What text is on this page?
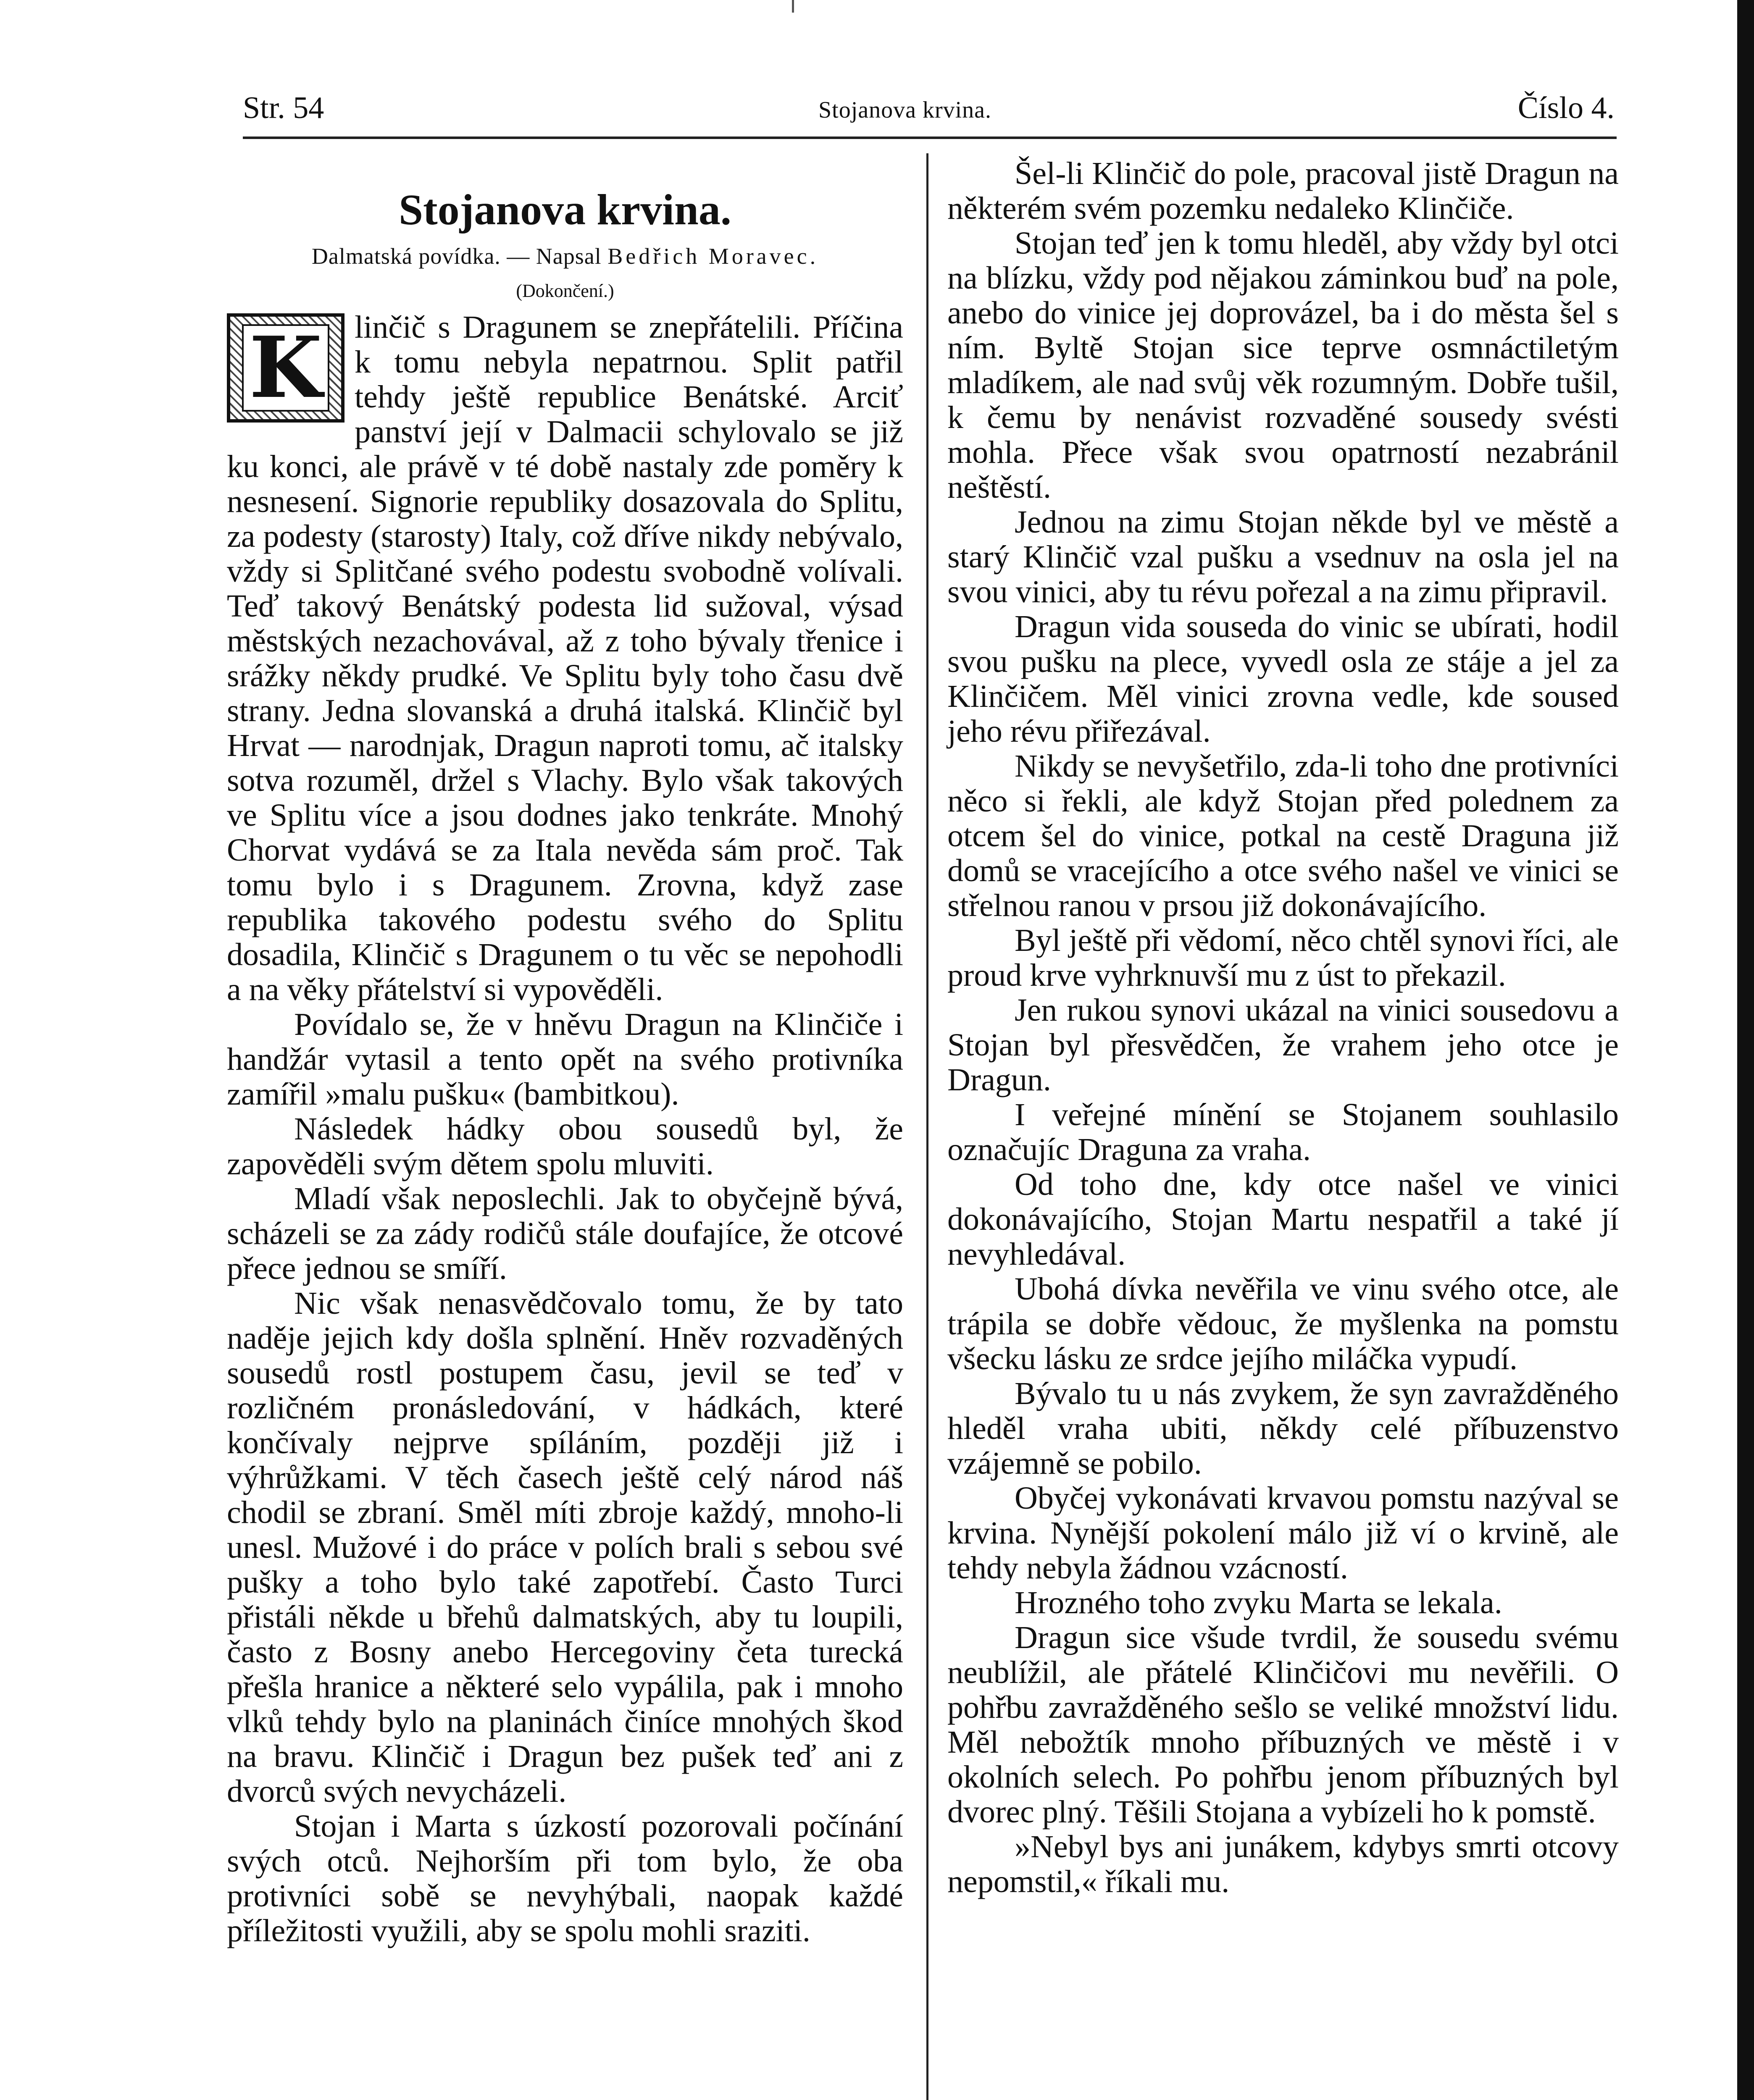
Str. 54	Stojanova krvina.	Číslo 4.
Stojanova krvina.

Dalmatská povídka. — Napsal Bedřich Moravec.

(Dokončení.)

K	linčič s Dragunem se znepřátelili. Příčina k tomu nebyla nepatrnou. Split patřil tehdy ještě republice Benátské. Arciť panství její v Dalmacii schylovalo se již ku konci, ale právě v té době nastaly zde poměry k nesnesení. Signorie republiky dosazovala do Splitu, za podesty (starosty) Italy, což dříve nikdy nebývalo, vždy si Splitčané svého podestu svobodně volívali. Teď takový Benátský podesta lid sužoval, výsad městských nezachovával, až z toho bývaly třenice i srážky někdy prudké. Ve Splitu byly toho času dvě strany. Jedna slovanská a druhá italská. Klinčič byl Hrvat — narodnjak, Dragun naproti tomu, ač italsky sotva rozuměl, držel s Vlachy. Bylo však takových ve Splitu více a jsou dodnes jako tenkráte. Mnohý Chorvat vydává se za Itala nevěda sám proč. Tak tomu bylo i s Dragunem. Zrovna, když zase republika takového podestu svého do Splitu dosadila, Klinčič s Dragunem o tu věc se nepohodli a na věky přátelství si vypověděli.

Povídalo se, že v hněvu Dragun na Klinčiče i handžár vytasil a tento opět na svého protivníka zamířil »malu pušku« (bambitkou).

Následek hádky obou sousedů byl, že zapověděli svým dětem spolu mluviti.

Mladí však neposlechli. Jak to obyčejně bývá, scházeli se za zády rodičů stále doufajíce, že otcové přece jednou se smíří.

Nic však nenasvědčovalo tomu, že by tato naděje jejich kdy došla splnění. Hněv rozvaděných sousedů rostl postupem času, jevil se teď v rozličném pronásledování, v hádkách, které končívaly nejprve spíláním, později již i výhrůžkami. V těch časech ještě celý národ náš chodil se zbraní. Směl míti zbroje každý, mnoho-li unesl. Mužové i do práce v polích brali s sebou své pušky a toho bylo také zapotřebí. Často Turci přistáli někde u břehů dalmatských, aby tu loupili, často z Bosny anebo Hercegoviny četa turecká přešla hranice a některé selo vypálila, pak i mnoho vlků tehdy bylo na planinách činíce mnohých škod na bravu. Klinčič i Dragun bez pušek teď ani z dvorců svých nevycházeli.

Stojan i Marta s úzkostí pozorovali počínání svých otců. Nejhorším při tom bylo, že oba protivníci sobě se nevyhýbali, naopak každé příležitosti využili, aby se spolu mohli sraziti.

Šel-li Klinčič do pole, pracoval jistě Dragun na některém svém pozemku nedaleko Klinčiče.

Stojan teď jen k tomu hleděl, aby vždy byl otci na blízku, vždy pod nějakou záminkou buď na pole, anebo do vinice jej doprovázel, ba i do města šel s ním. Byltě Stojan sice teprve osmnáctiletým mladíkem, ale nad svůj věk rozumným. Dobře tušil, k čemu by nenávist rozvaděné sousedy svésti mohla. Přece však svou opatrností nezabránil neštěstí.

Jednou na zimu Stojan někde byl ve městě a starý Klinčič vzal pušku a vsednuv na osla jel na svou vinici, aby tu révu pořezal a na zimu připravil.

Dragun vida souseda do vinic se ubírati, hodil svou pušku na plece, vyvedl osla ze stáje a jel za Klinčičem. Měl vinici zrovna vedle, kde soused jeho révu přiřezával.

Nikdy se nevyšetřilo, zda-li toho dne protivníci něco si řekli, ale když Stojan před polednem za otcem šel do vinice, potkal na cestě Draguna již domů se vracejícího a otce svého našel ve vinici se střelnou ranou v prsou již dokonávajícího.

Byl ještě při vědomí, něco chtěl synovi říci, ale proud krve vyhrknuvší mu z úst to překazil.

Jen rukou synovi ukázal na vinici sousedovu a Stojan byl přesvědčen, že vrahem jeho otce je Dragun.

I veřejné mínění se Stojanem souhlasilo označujíc Draguna za vraha.

Od toho dne, kdy otce našel ve vinici dokonávajícího, Stojan Martu nespatřil a také jí nevyhledával.

Ubohá dívka nevěřila ve vinu svého otce, ale trápila se dobře vědouc, že myšlenka na pomstu všecku lásku ze srdce jejího miláčka vypudí.

Bývalo tu u nás zvykem, že syn zavražděného hleděl vraha ubiti, někdy celé příbuzenstvo vzájemně se pobilo.

Obyčej vykonávati krvavou pomstu nazýval se krvina. Nynější pokolení málo již ví o krvině, ale tehdy nebyla žádnou vzácností.

Hrozného toho zvyku Marta se lekala.

Dragun sice všude tvrdil, že sousedu svému neublížil, ale přátelé Klinčičovi mu nevěřili. O pohřbu zavražděného sešlo se veliké množství lidu. Měl nebožtík mnoho příbuzných ve městě i v okolních selech. Po pohřbu jenom příbuzných byl dvorec plný. Těšili Stojana a vybízeli ho k pomstě.

»Nebyl bys ani junákem, kdybys smrti otcovy nepomstil,« říkali mu.
